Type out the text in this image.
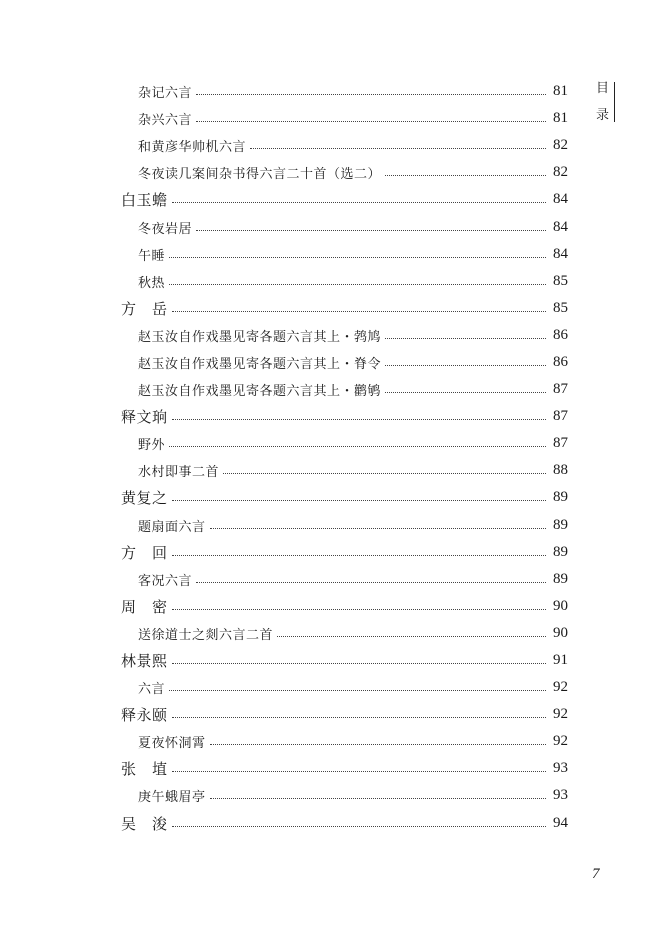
目
录
杂记六言	81
杂兴六言	81
和黄彦华帅机六言	82
冬夜读几案间杂书得六言二十首（选二）	82
白玉蟾	84
冬夜岩居	84
午睡	84
秋热	85
方　岳	85
赵玉汝自作戏墨见寄各题六言其上・鹁鸠	86
赵玉汝自作戏墨见寄各题六言其上・脊令	86
赵玉汝自作戏墨见寄各题六言其上・鹳鸲	87
释文珦	87
野外	87
水村即事二首	88
黄复之	89
题扇面六言	89
方　回	89
客况六言	89
周　密	90
送徐道士之剡六言二首	90
林景熙	91
六言	92
释永颐	92
夏夜怀洞霄	92
张　埴	93
庚午蛾眉亭	93
吴　浚	94
7
